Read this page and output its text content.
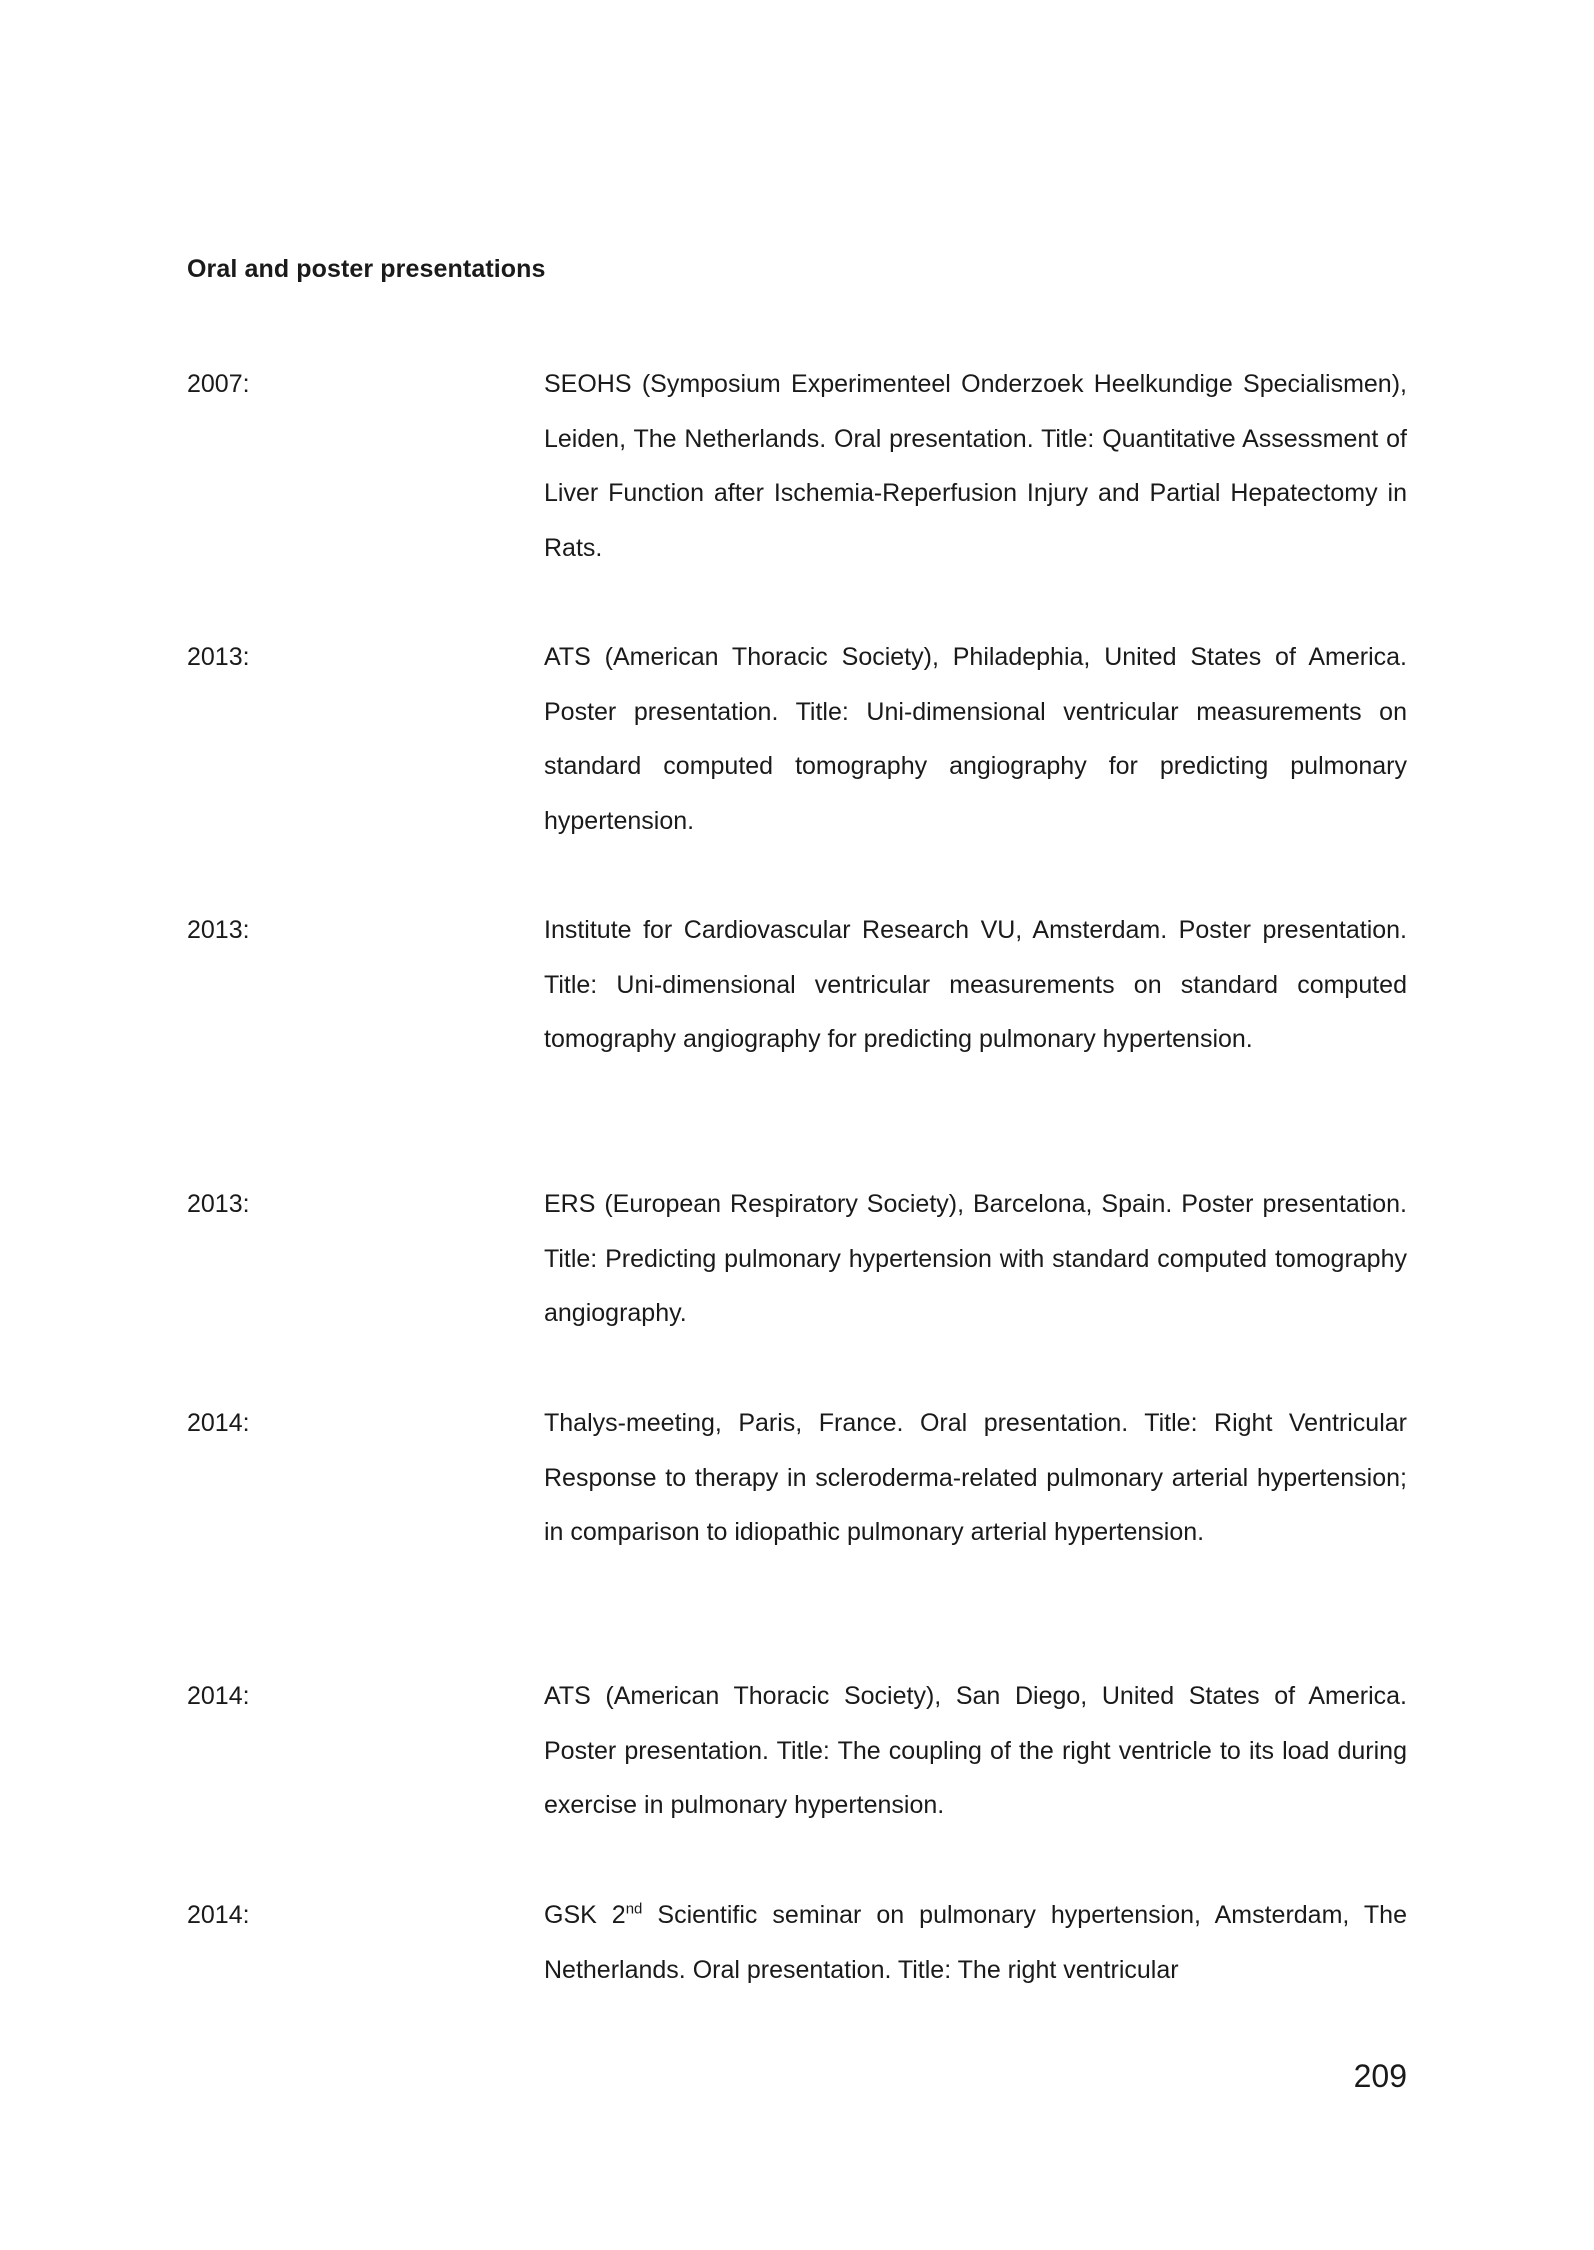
Oral and poster presentations
2007:	SEOHS (Symposium Experimenteel Onderzoek Heelkundige Specialismen), Leiden, The Netherlands. Oral presentation. Title: Quantitative Assessment of Liver Function after Ischemia-Reperfusion Injury and Partial Hepatectomy in Rats.
2013:	ATS (American Thoracic Society), Philadephia, United States of America. Poster presentation. Title: Uni-dimensional ventricular measurements on standard computed tomography angiography for predicting pulmonary hypertension.
2013:	Institute for Cardiovascular Research VU, Amsterdam. Poster presentation. Title: Uni-dimensional ventricular measurements on standard computed tomography angiography for predicting pulmonary hypertension.
2013:	ERS (European Respiratory Society), Barcelona, Spain. Poster presentation. Title: Predicting pulmonary hypertension with standard computed tomography angiography.
2014:	Thalys-meeting, Paris, France. Oral presentation. Title: Right Ventricular Response to therapy in scleroderma-related pulmonary arterial hypertension; in comparison to idiopathic pulmonary arterial hypertension.
2014:	ATS (American Thoracic Society), San Diego, United States of America. Poster presentation. Title: The coupling of the right ventricle to its load during exercise in pulmonary hypertension.
2014:	GSK 2nd Scientific seminar on pulmonary hypertension, Amsterdam, The Netherlands. Oral presentation. Title: The right ventricular
209
